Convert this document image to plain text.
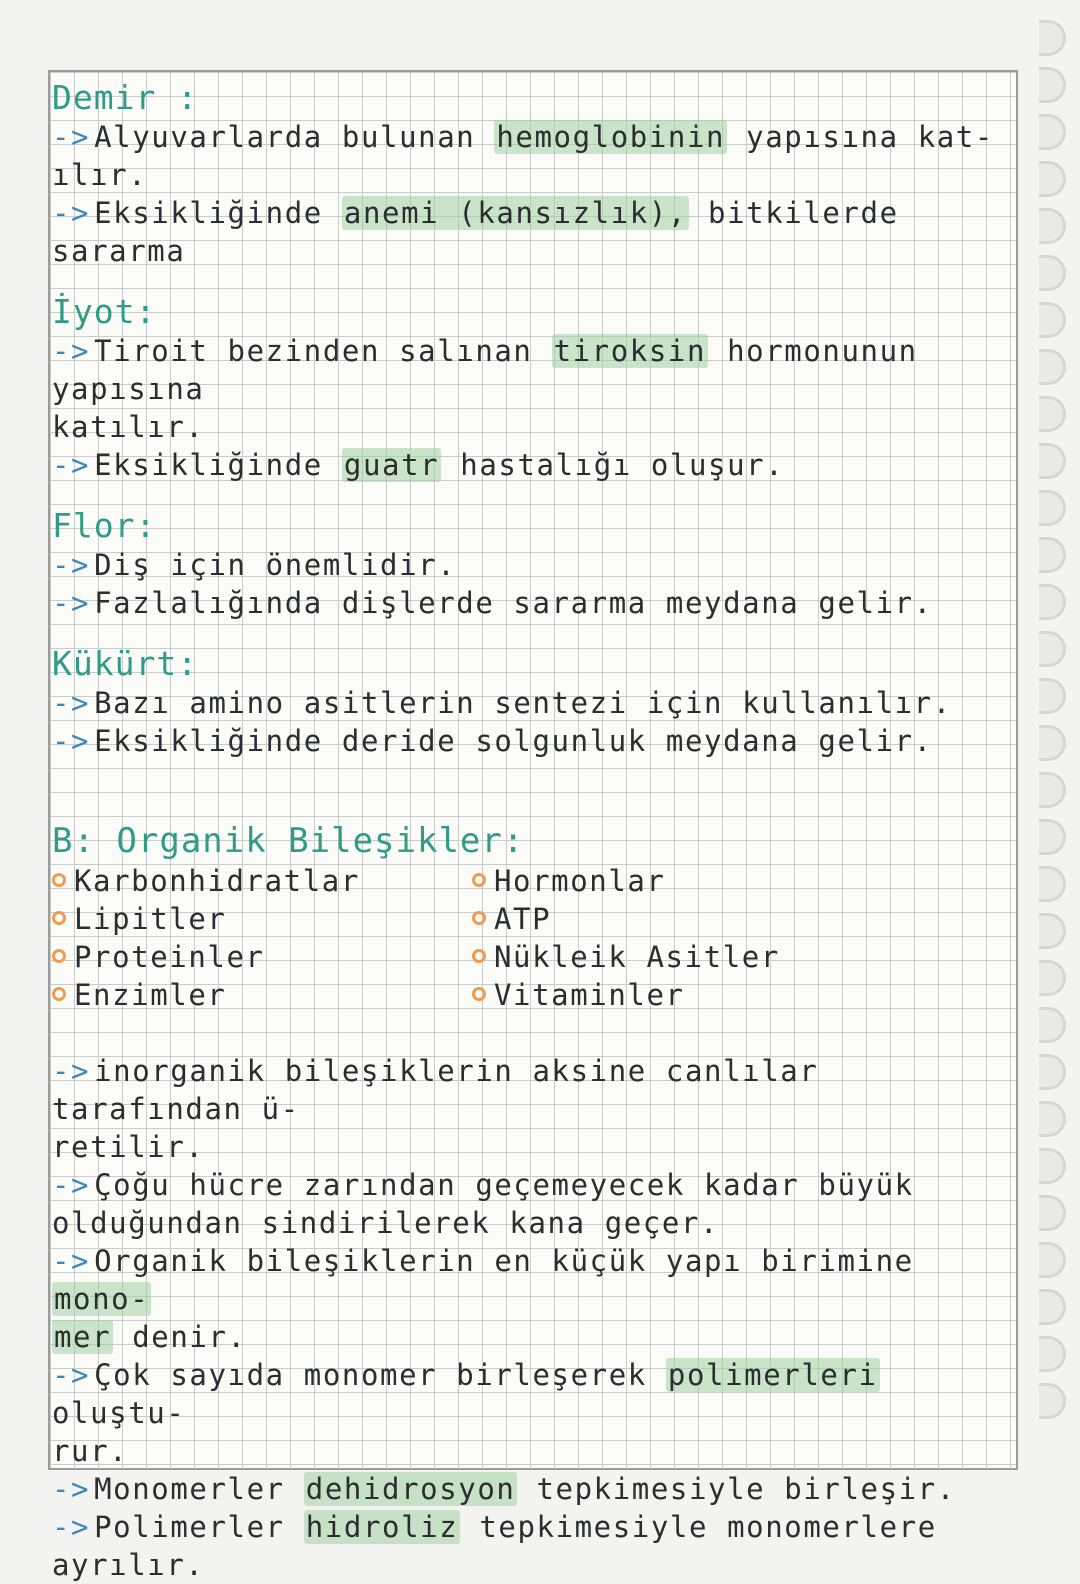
Demir :
-> Alyuvarlarda bulunan hemoglobinin yapısına kat-
ılır.
-> Eksikliğinde anemi (kansızlık), bitkilerde sararma
İyot:
-> Tiroit bezinden salınan tiroksin hormonunun yapısına
katılır.
-> Eksikliğinde guatr hastalığı oluşur.
Flor:
-> Diş için önemlidir.
-> Fazlalığında dişlerde sararma meydana gelir.
Kükürt:
-> Bazı amino asitlerin sentezi için kullanılır.
-> Eksikliğinde deride solgunluk meydana gelir.
B: Organik Bileşikler:
Karbonhidratlar
Lipitler
Proteinler
Enzimler
Hormonlar
ATP
Nükleik Asitler
Vitaminler
-> inorganik bileşiklerin aksine canlılar tarafından ü-
retilir.
-> Çoğu hücre zarından geçemeyecek kadar büyük
olduğundan sindirilerek kana geçer.
-> Organik bileşiklerin en küçük yapı birimine mono-
mer denir.
-> Çok sayıda monomer birleşerek polimerleri oluştu-
rur.
-> Monomerler dehidrosyon tepkimesiyle birleşir.
-> Polimerler hidroliz tepkimesiyle monomerlere ayrılır.
